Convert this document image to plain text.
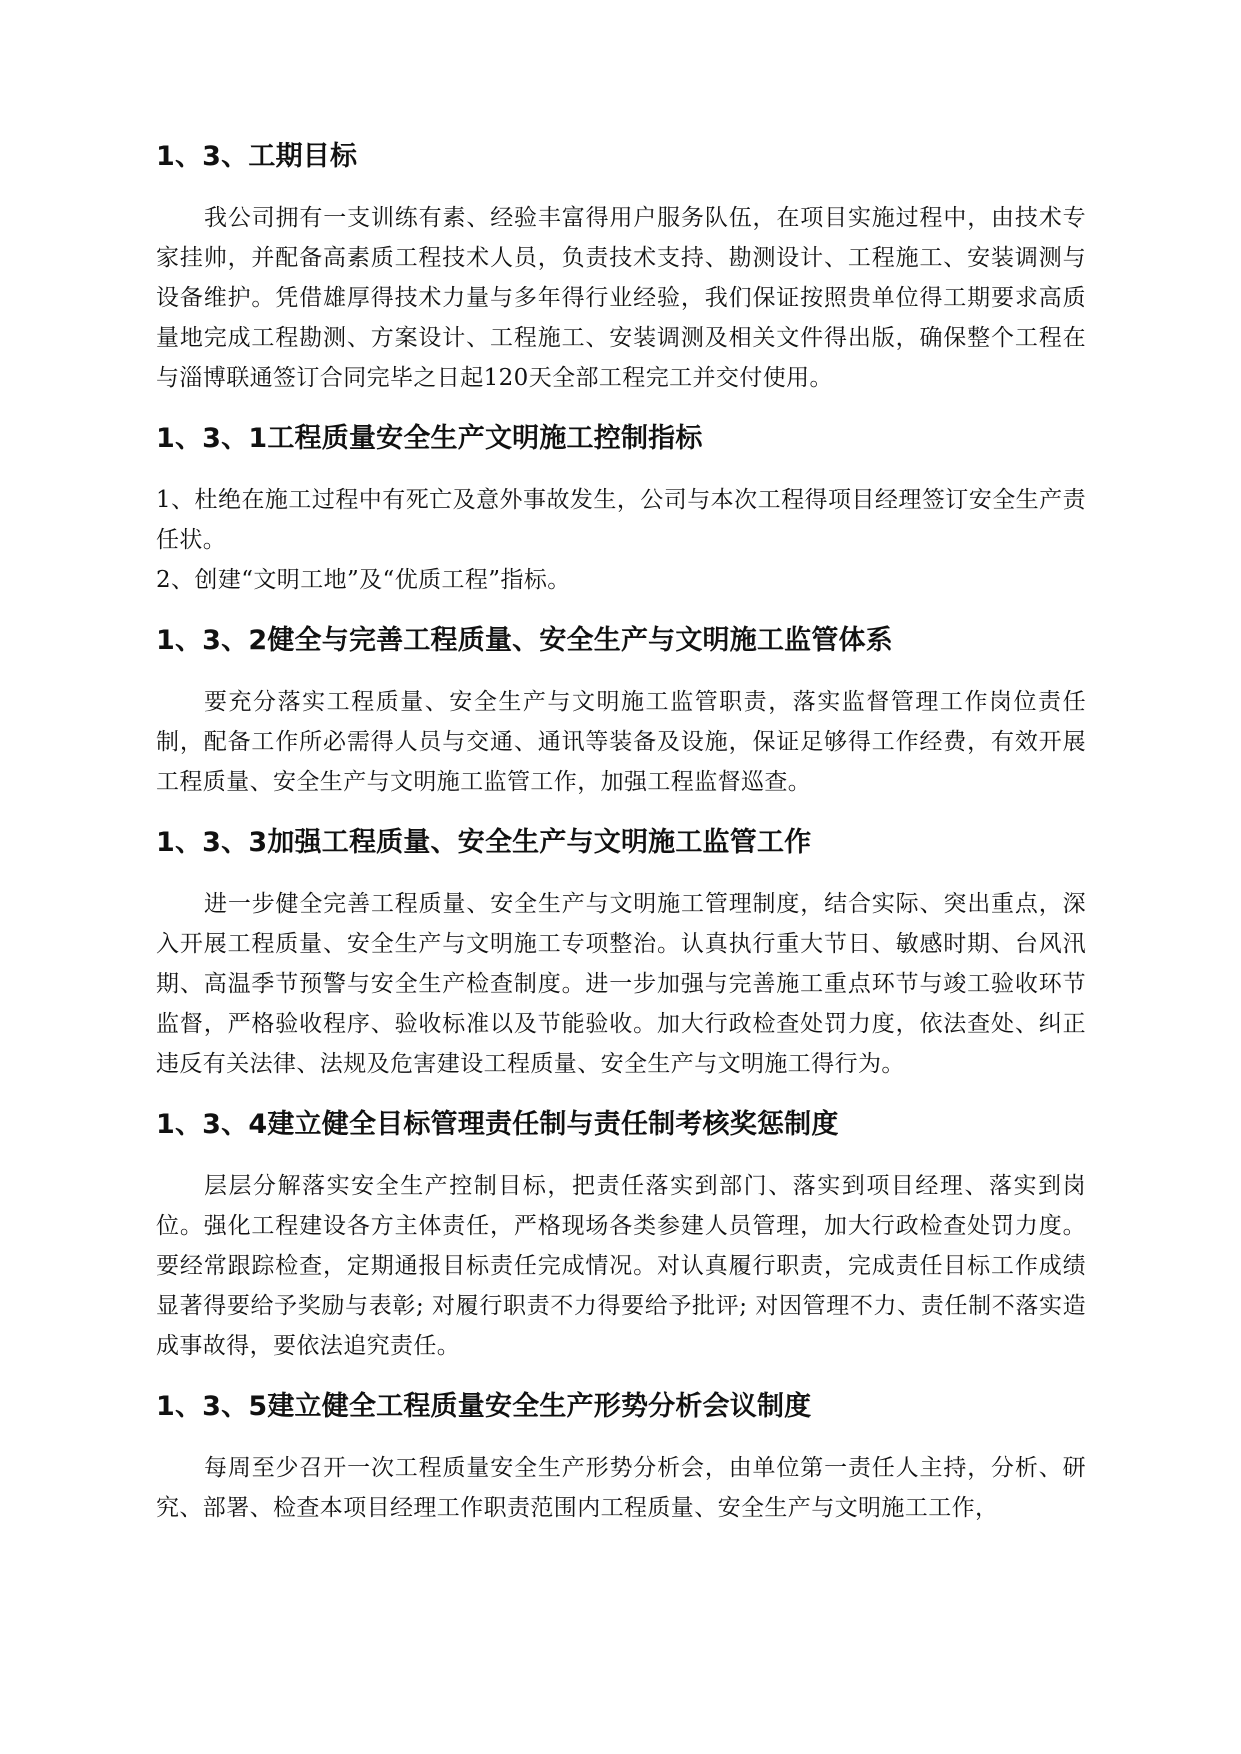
1、3、工期目标

我公司拥有一支训练有素、经验丰富得用户服务队伍，在项目实施过程中，由技术专家挂帅，并配备高素质工程技术人员，负责技术支持、勘测设计、工程施工、安装调测与设备维护。凭借雄厚得技术力量与多年得行业经验，我们保证按照贵单位得工期要求高质量地完成工程勘测、方案设计、工程施工、安装调测及相关文件得出版，确保整个工程在与淄博联通签订合同完毕之日起120天全部工程完工并交付使用。

1、3、1工程质量安全生产文明施工控制指标

1、杜绝在施工过程中有死亡及意外事故发生，公司与本次工程得项目经理签订安全生产责任状。

2、创建“文明工地”及“优质工程”指标。

1、3、2健全与完善工程质量、安全生产与文明施工监管体系

要充分落实工程质量、安全生产与文明施工监管职责，落实监督管理工作岗位责任制，配备工作所必需得人员与交通、通讯等装备及设施，保证足够得工作经费，有效开展工程质量、安全生产与文明施工监管工作，加强工程监督巡查。

1、3、3加强工程质量、安全生产与文明施工监管工作

进一步健全完善工程质量、安全生产与文明施工管理制度，结合实际、突出重点，深入开展工程质量、安全生产与文明施工专项整治。认真执行重大节日、敏感时期、台风汛期、高温季节预警与安全生产检查制度。进一步加强与完善施工重点环节与竣工验收环节监督，严格验收程序、验收标准以及节能验收。加大行政检查处罚力度，依法查处、纠正违反有关法律、法规及危害建设工程质量、安全生产与文明施工得行为。

1、3、4建立健全目标管理责任制与责任制考核奖惩制度

层层分解落实安全生产控制目标，把责任落实到部门、落实到项目经理、落实到岗位。强化工程建设各方主体责任，严格现场各类参建人员管理，加大行政检查处罚力度。要经常跟踪检查，定期通报目标责任完成情况。对认真履行职责，完成责任目标工作成绩显著得要给予奖励与表彰; 对履行职责不力得要给予批评; 对因管理不力、责任制不落实造成事故得，要依法追究责任。

1、3、5建立健全工程质量安全生产形势分析会议制度

每周至少召开一次工程质量安全生产形势分析会，由单位第一责任人主持，分析、研究、部署、检查本项目经理工作职责范围内工程质量、安全生产与文明施工工作，
